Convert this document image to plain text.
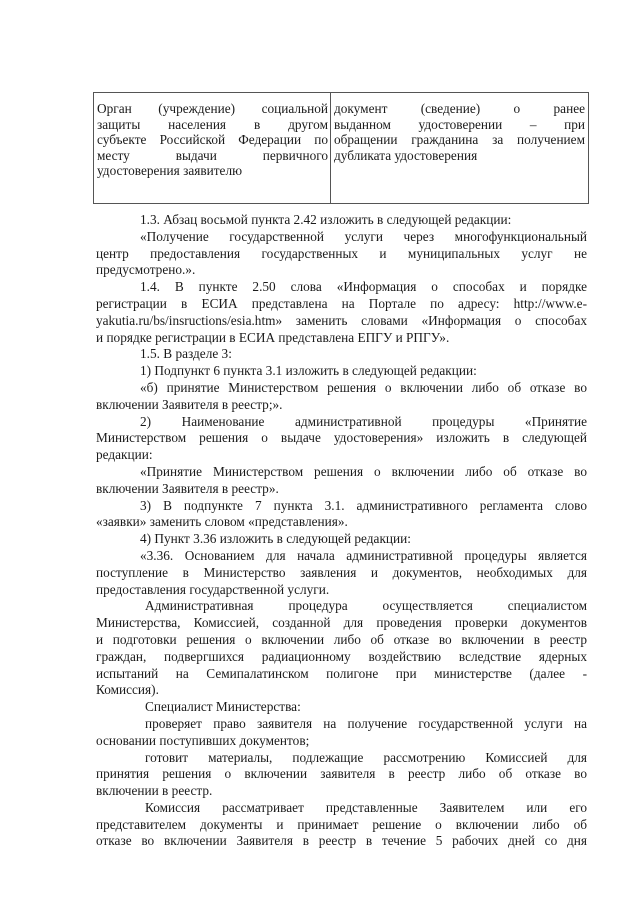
Орган (учреждение) социальной
защиты населения в другом
субъекте Российской Федерации по
месту выдачи первичного
удостоверения заявителю
документ (сведение) о ранее
выданном удостоверении – при
обращении гражданина за получением
дубликата удостоверения
1.3. Абзац восьмой пункта 2.42 изложить в следующей редакции:
«Получение государственной услуги через многофункциональный
центр предоставления государственных и муниципальных услуг не
предусмотрено.».
1.4. В пункте 2.50 слова «Информация о способах и порядке
регистрации в ЕСИА представлена на Портале по адресу: http://www.e-
yakutia.ru/bs/insructions/esia.htm» заменить словами «Информация о способах
и порядке регистрации в ЕСИА представлена ЕПГУ и РПГУ».
1.5. В разделе 3:
1) Подпункт 6 пункта 3.1 изложить в следующей редакции:
«б) принятие Министерством решения о включении либо об отказе во
включении Заявителя в реестр;».
2) Наименование административной процедуры «Принятие
Министерством решения о выдаче удостоверения» изложить в следующей
редакции:
«Принятие Министерством решения о включении либо об отказе во
включении Заявителя в реестр».
3) В подпункте 7 пункта 3.1. административного регламента слово
«заявки» заменить словом «представления».
4) Пункт 3.36 изложить в следующей редакции:
«3.36. Основанием для начала административной процедуры является
поступление в Министерство заявления и документов, необходимых для
предоставления государственной услуги.
Административная процедура осуществляется специалистом
Министерства, Комиссией, созданной для проведения проверки документов
и подготовки решения о включении либо об отказе во включении в реестр
граждан, подвергшихся радиационному воздействию вследствие ядерных
испытаний на Семипалатинском полигоне при министерстве (далее -
Комиссия).
Специалист Министерства:
проверяет право заявителя на получение государственной услуги на
основании поступивших документов;
готовит материалы, подлежащие рассмотрению Комиссией для
принятия решения о включении заявителя в реестр либо об отказе во
включении в реестр.
Комиссия рассматривает представленные Заявителем или его
представителем документы и принимает решение о включении либо об
отказе во включении Заявителя в реестр в течение 5 рабочих дней со дня
